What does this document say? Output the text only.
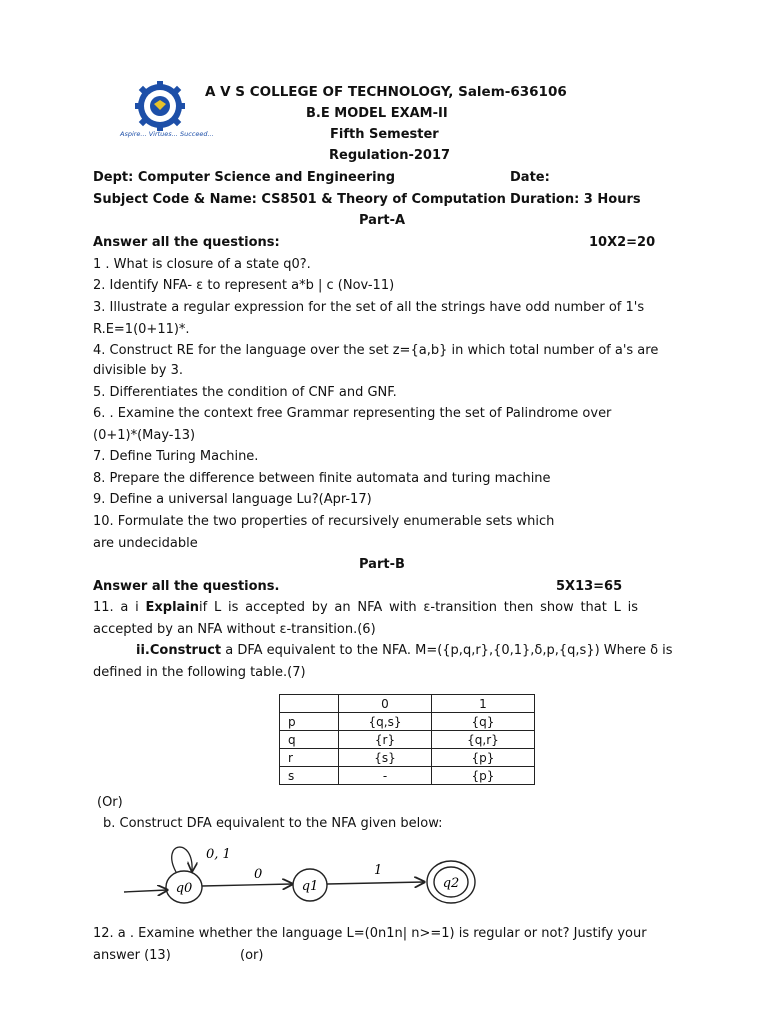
Aspire... Virtues... Succeed...
A V S COLLEGE OF TECHNOLOGY, Salem-636106
B.E MODEL EXAM-II
Fifth Semester
Regulation-2017
Dept: Computer Science and Engineering	Date:
Subject Code & Name: CS8501 & Theory of Computation Duration: 3 Hours
Part-A
Answer all the questions:	10X2=20
1 . What is closure of a state q0?.
2. Identify NFA- ε to represent a*b | c (Nov-11)
3. Illustrate a regular expression for the set of all the strings have odd number of 1's
R.E=1(0+11)*.
4. Construct RE for the language over the set z={a,b} in which total number of a's are
divisible by 3.
5. Differentiates the condition of CNF and GNF.
6. . Examine the context free Grammar representing the set of Palindrome over
(0+1)*(May-13)
7. Define Turing Machine.
8. Prepare the difference between finite automata and turing machine
9. Define a universal language Lu?(Apr-17)
10. Formulate the two properties of recursively enumerable sets which
are undecidable
Part-B
Answer all the questions.	5X13=65
11. a i Explainif L is accepted by an NFA with ε-transition then show that L is
accepted by an NFA without ε-transition.(6)
ii.Construct a DFA equivalent to the NFA. M=({p,q,r},{0,1},δ,p,{q,s}) Where δ is
defined in the following table.(7)
	0	1
p	{q,s}	{q}
q	{r}	{q,r}
r	{s}	{p}
s	-	{p}
(Or)
b. Construct DFA equivalent to the NFA given below:
q0
0, 1
0
q1
1
q2
12. a . Examine whether the language L=(0n1n| n>=1) is regular or not? Justify your
answer (13)	(or)
